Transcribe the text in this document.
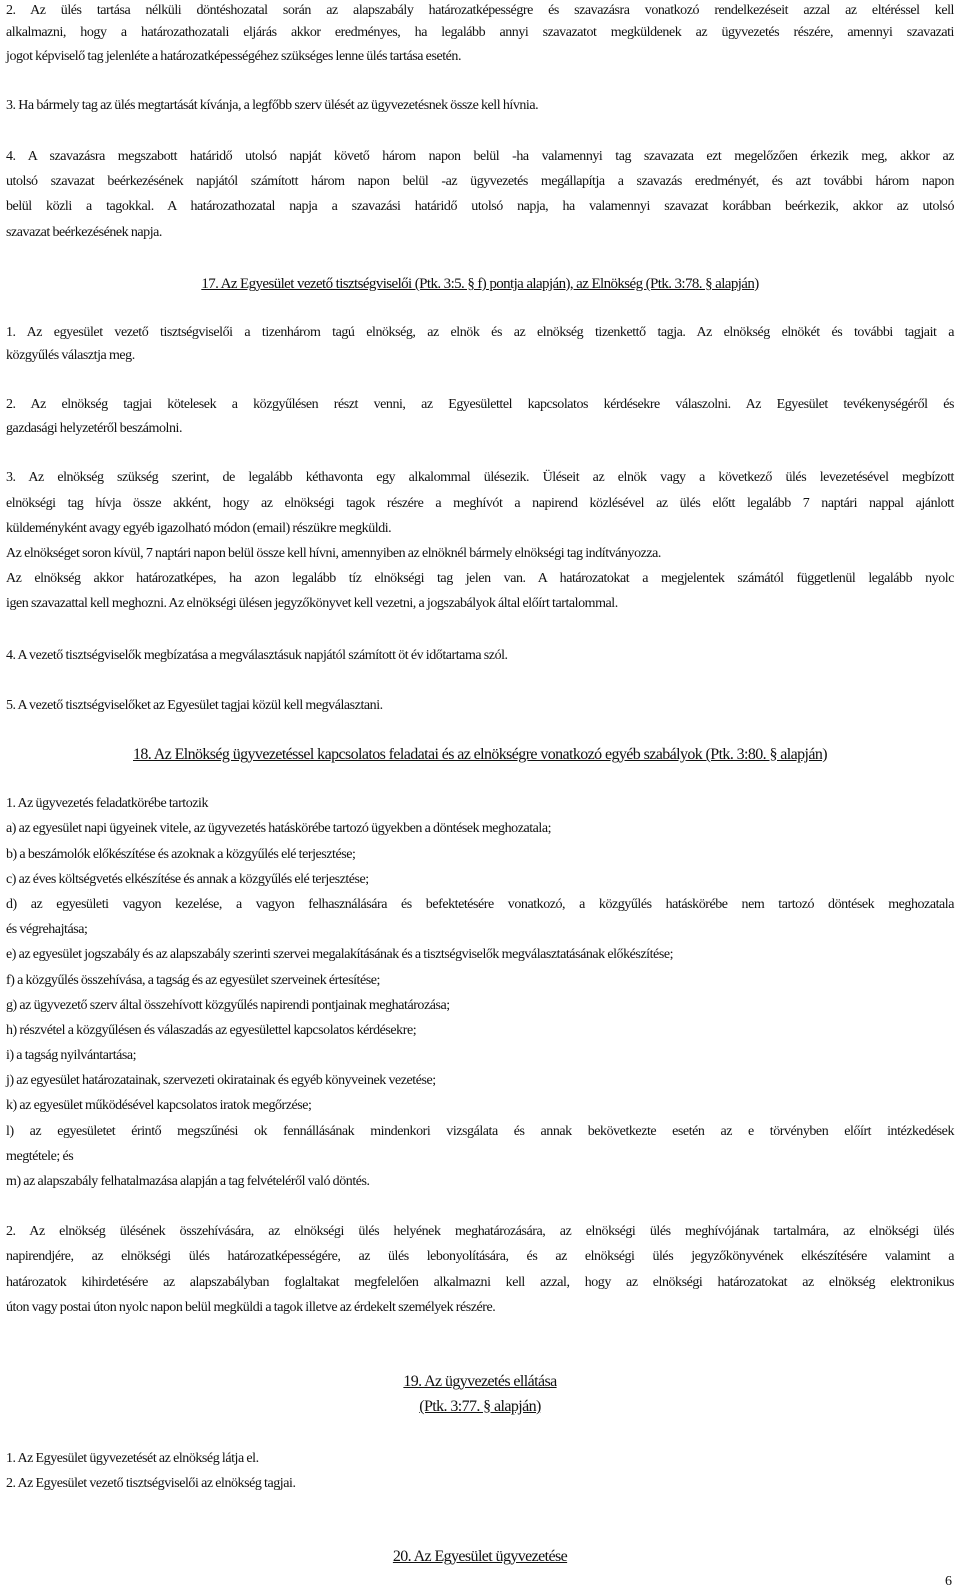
2. Az ülés tartása nélküli döntéshozatal során az alapszabály határozatképességre és szavazásra vonatkozó rendelkezéseit azzal az eltéréssel kell
alkalmazni, hogy a határozathozatali eljárás akkor eredményes, ha legalább annyi szavazatot megküldenek az ügyvezetés részére, amennyi szavazati
jogot képviselő tag jelenléte a határozatképességéhez szükséges lenne ülés tartása esetén.
3. Ha bármely tag az ülés megtartását kívánja, a legfőbb szerv ülését az ügyvezetésnek össze kell hívnia.
4. A szavazásra megszabott határidő utolsó napját követő három napon belül -ha valamennyi tag szavazata ezt megelőzően érkezik meg, akkor az
utolsó szavazat beérkezésének napjától számított három napon belül -az ügyvezetés megállapítja a szavazás eredményét, és azt további három napon
belül közli a tagokkal. A határozathozatal napja a szavazási határidő utolsó napja, ha valamennyi szavazat korábban beérkezik, akkor az utolsó
szavazat beérkezésének napja.
17. Az Egyesület vezető tisztségviselői (Ptk. 3:5. § f) pontja alapján), az Elnökség (Ptk. 3:78. § alapján)
1. Az egyesület vezető tisztségviselői a tizenhárom tagú elnökség, az elnök és az elnökség tizenkettő tagja. Az elnökség elnökét és további tagjait a
közgyűlés választja meg.
2. Az elnökség tagjai kötelesek a közgyűlésen részt venni, az Egyesülettel kapcsolatos kérdésekre válaszolni. Az Egyesület tevékenységéről és
gazdasági helyzetéről beszámolni.
3. Az elnökség szükség szerint, de legalább kéthavonta egy alkalommal ülésezik. Üléseit az elnök vagy a következő ülés levezetésével megbízott
elnökségi tag hívja össze akként, hogy az elnökségi tagok részére a meghívót a napirend közlésével az ülés előtt legalább 7 naptári nappal ajánlott
küldeményként avagy egyéb igazolható módon (email) részükre megküldi.
Az elnökséget soron kívül, 7 naptári napon belül össze kell hívni, amennyiben az elnöknél bármely elnökségi tag indítványozza.
Az elnökség akkor határozatképes, ha azon legalább tíz elnökségi tag jelen van. A határozatokat a megjelentek számától függetlenül legalább nyolc
igen szavazattal kell meghozni. Az elnökségi ülésen jegyzőkönyvet kell vezetni, a jogszabályok által előírt tartalommal.
4. A vezető tisztségviselők megbízatása a megválasztásuk napjától számított öt év időtartama szól.
5. A vezető tisztségviselőket az Egyesület tagjai közül kell megválasztani.
18. Az Elnökség ügyvezetéssel kapcsolatos feladatai és az elnökségre vonatkozó egyéb szabályok (Ptk. 3:80. § alapján)
1. Az ügyvezetés feladatkörébe tartozik
a) az egyesület napi ügyeinek vitele, az ügyvezetés hatáskörébe tartozó ügyekben a döntések meghozatala;
b) a beszámolók előkészítése és azoknak a közgyűlés elé terjesztése;
c) az éves költségvetés elkészítése és annak a közgyűlés elé terjesztése;
d) az egyesületi vagyon kezelése, a vagyon felhasználására és befektetésére vonatkozó, a közgyűlés hatáskörébe nem tartozó döntések meghozatala
és végrehajtása;
e) az egyesület jogszabály és az alapszabály szerinti szervei megalakításának és a tisztségviselők megválasztatásának előkészítése;
f) a közgyűlés összehívása, a tagság és az egyesület szerveinek értesítése;
g) az ügyvezető szerv által összehívott közgyűlés napirendi pontjainak meghatározása;
h) részvétel a közgyűlésen és válaszadás az egyesülettel kapcsolatos kérdésekre;
i) a tagság nyilvántartása;
j) az egyesület határozatainak, szervezeti okiratainak és egyéb könyveinek vezetése;
k) az egyesület működésével kapcsolatos iratok megőrzése;
l) az egyesületet érintő megszűnési ok fennállásának mindenkori vizsgálata és annak bekövetkezte esetén az e törvényben előírt intézkedések
megtétele; és
m) az alapszabály felhatalmazása alapján a tag felvételéről való döntés.
2. Az elnökség ülésének összehívására, az elnökségi ülés helyének meghatározására, az elnökségi ülés meghívójának tartalmára, az elnökségi ülés
napirendjére, az elnökségi ülés határozatképességére, az ülés lebonyolítására, és az elnökségi ülés jegyzőkönyvének elkészítésére valamint a
határozatok kihirdetésére az alapszabályban foglaltakat megfelelően alkalmazni kell azzal, hogy az elnökségi határozatokat az elnökség elektronikus
úton vagy postai úton nyolc napon belül megküldi a tagok illetve az érdekelt személyek részére.
19. Az ügyvezetés ellátása
(Ptk. 3:77. § alapján)
1. Az Egyesület ügyvezetését az elnökség látja el.
2. Az Egyesület vezető tisztségviselői az elnökség tagjai.
20. Az Egyesület ügyvezetése
6
